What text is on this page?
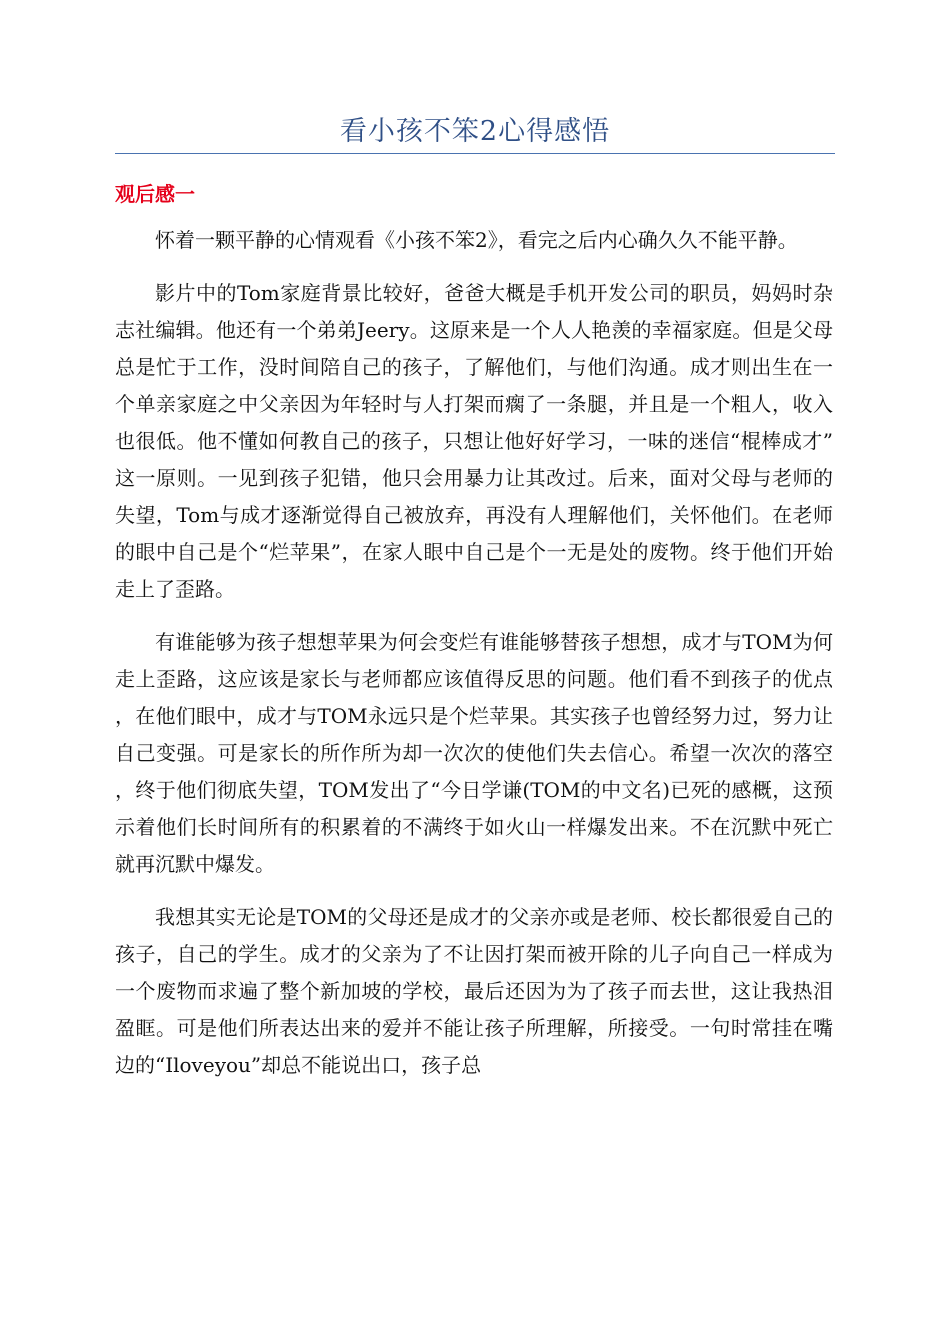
看小孩不笨2心得感悟
观后感一

怀着一颗平静的心情观看《小孩不笨2》，看完之后内心确久久不能平静。

影片中的Tom家庭背景比较好，爸爸大概是手机开发公司的职员，妈妈时杂志社编辑。他还有一个弟弟Jeery。这原来是一个人人艳羡的幸福家庭。但是父母总是忙于工作，没时间陪自己的孩子，了解他们，与他们沟通。成才则出生在一个单亲家庭之中父亲因为年轻时与人打架而瘸了一条腿，并且是一个粗人，收入也很低。他不懂如何教自己的孩子，只想让他好好学习，一味的迷信“棍棒成才”这一原则。一见到孩子犯错，他只会用暴力让其改过。后来，面对父母与老师的失望，Tom与成才逐渐觉得自己被放弃，再没有人理解他们，关怀他们。在老师的眼中自己是个“烂苹果”，在家人眼中自己是个一无是处的废物。终于他们开始走上了歪路。

有谁能够为孩子想想苹果为何会变烂有谁能够替孩子想想，成才与TOM为何走上歪路，这应该是家长与老师都应该值得反思的问题。他们看不到孩子的优点，在他们眼中，成才与TOM永远只是个烂苹果。其实孩子也曾经努力过，努力让自己变强。可是家长的所作所为却一次次的使他们失去信心。希望一次次的落空，终于他们彻底失望，TOM发出了“今日学谦(TOM的中文名)已死的感概，这预示着他们长时间所有的积累着的不满终于如火山一样爆发出来。不在沉默中死亡就再沉默中爆发。

我想其实无论是TOM的父母还是成才的父亲亦或是老师、校长都很爱自己的孩子，自己的学生。成才的父亲为了不让因打架而被开除的儿子向自己一样成为一个废物而求遍了整个新加坡的学校，最后还因为为了孩子而去世，这让我热泪盈眶。可是他们所表达出来的爱并不能让孩子所理解，所接受。一句时常挂在嘴边的“Iloveyou”却总不能说出口，孩子总
